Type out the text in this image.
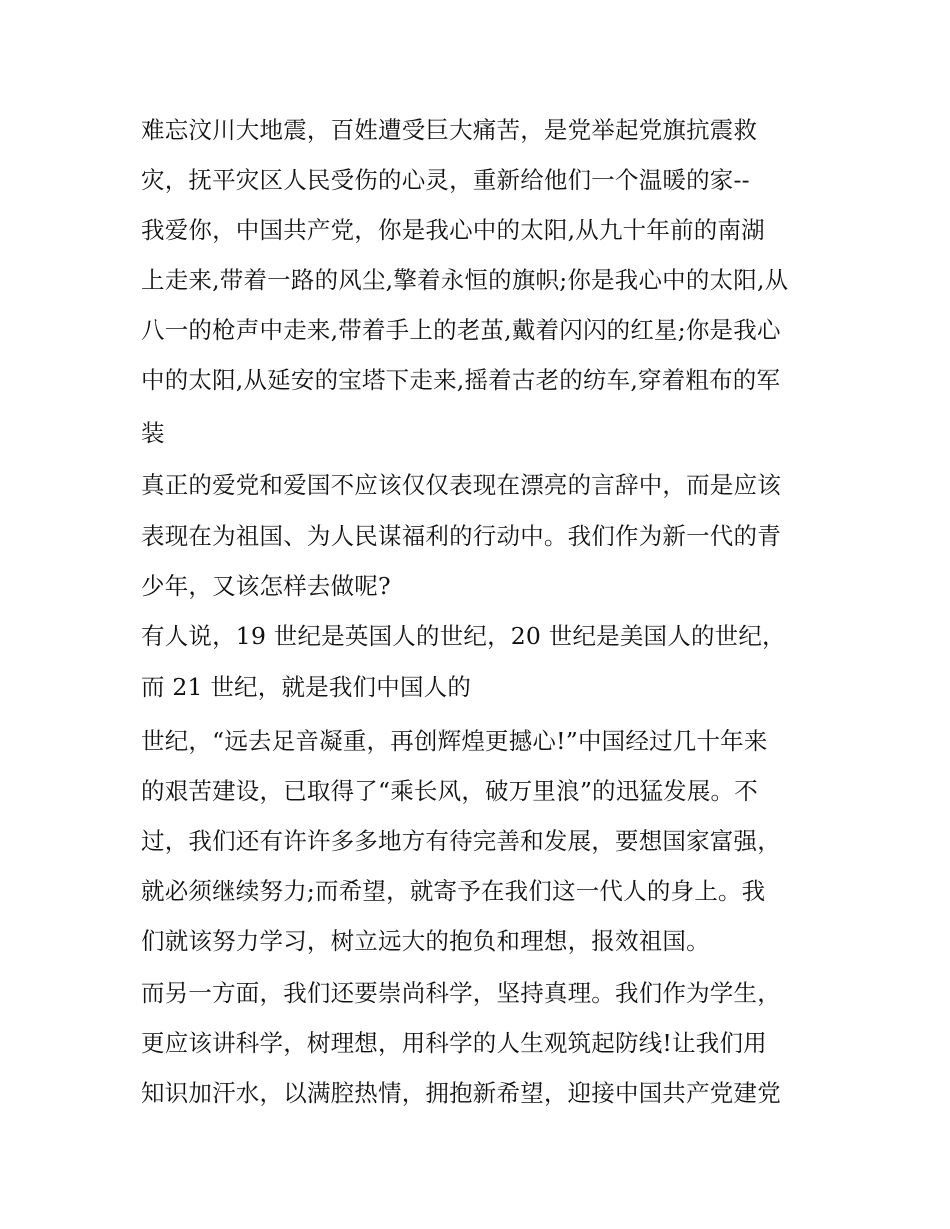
难忘汶川大地震，百姓遭受巨大痛苦，是党举起党旗抗震救
灾，抚平灾区人民受伤的心灵，重新给他们一个温暖的家--
我爱你，中国共产党，你是我心中的太阳,从九十年前的南湖
上走来,带着一路的风尘,擎着永恒的旗帜;你是我心中的太阳,从
八一的枪声中走来,带着手上的老茧,戴着闪闪的红星;你是我心
中的太阳,从延安的宝塔下走来,摇着古老的纺车,穿着粗布的军
装
真正的爱党和爱国不应该仅仅表现在漂亮的言辞中，而是应该
表现在为祖国、为人民谋福利的行动中。我们作为新一代的青
少年，又该怎样去做呢?
有人说，19 世纪是英国人的世纪，20 世纪是美国人的世纪，
而 21 世纪，就是我们中国人的
世纪，“远去足音凝重，再创辉煌更撼心!”中国经过几十年来
的艰苦建设，已取得了“乘长风，破万里浪”的迅猛发展。不
过，我们还有许许多多地方有待完善和发展，要想国家富强，
就必须继续努力;而希望，就寄予在我们这一代人的身上。我
们就该努力学习，树立远大的抱负和理想，报效祖国。
而另一方面，我们还要崇尚科学，坚持真理。我们作为学生，
更应该讲科学，树理想，用科学的人生观筑起防线!让我们用
知识加汗水，以满腔热情，拥抱新希望，迎接中国共产党建党
